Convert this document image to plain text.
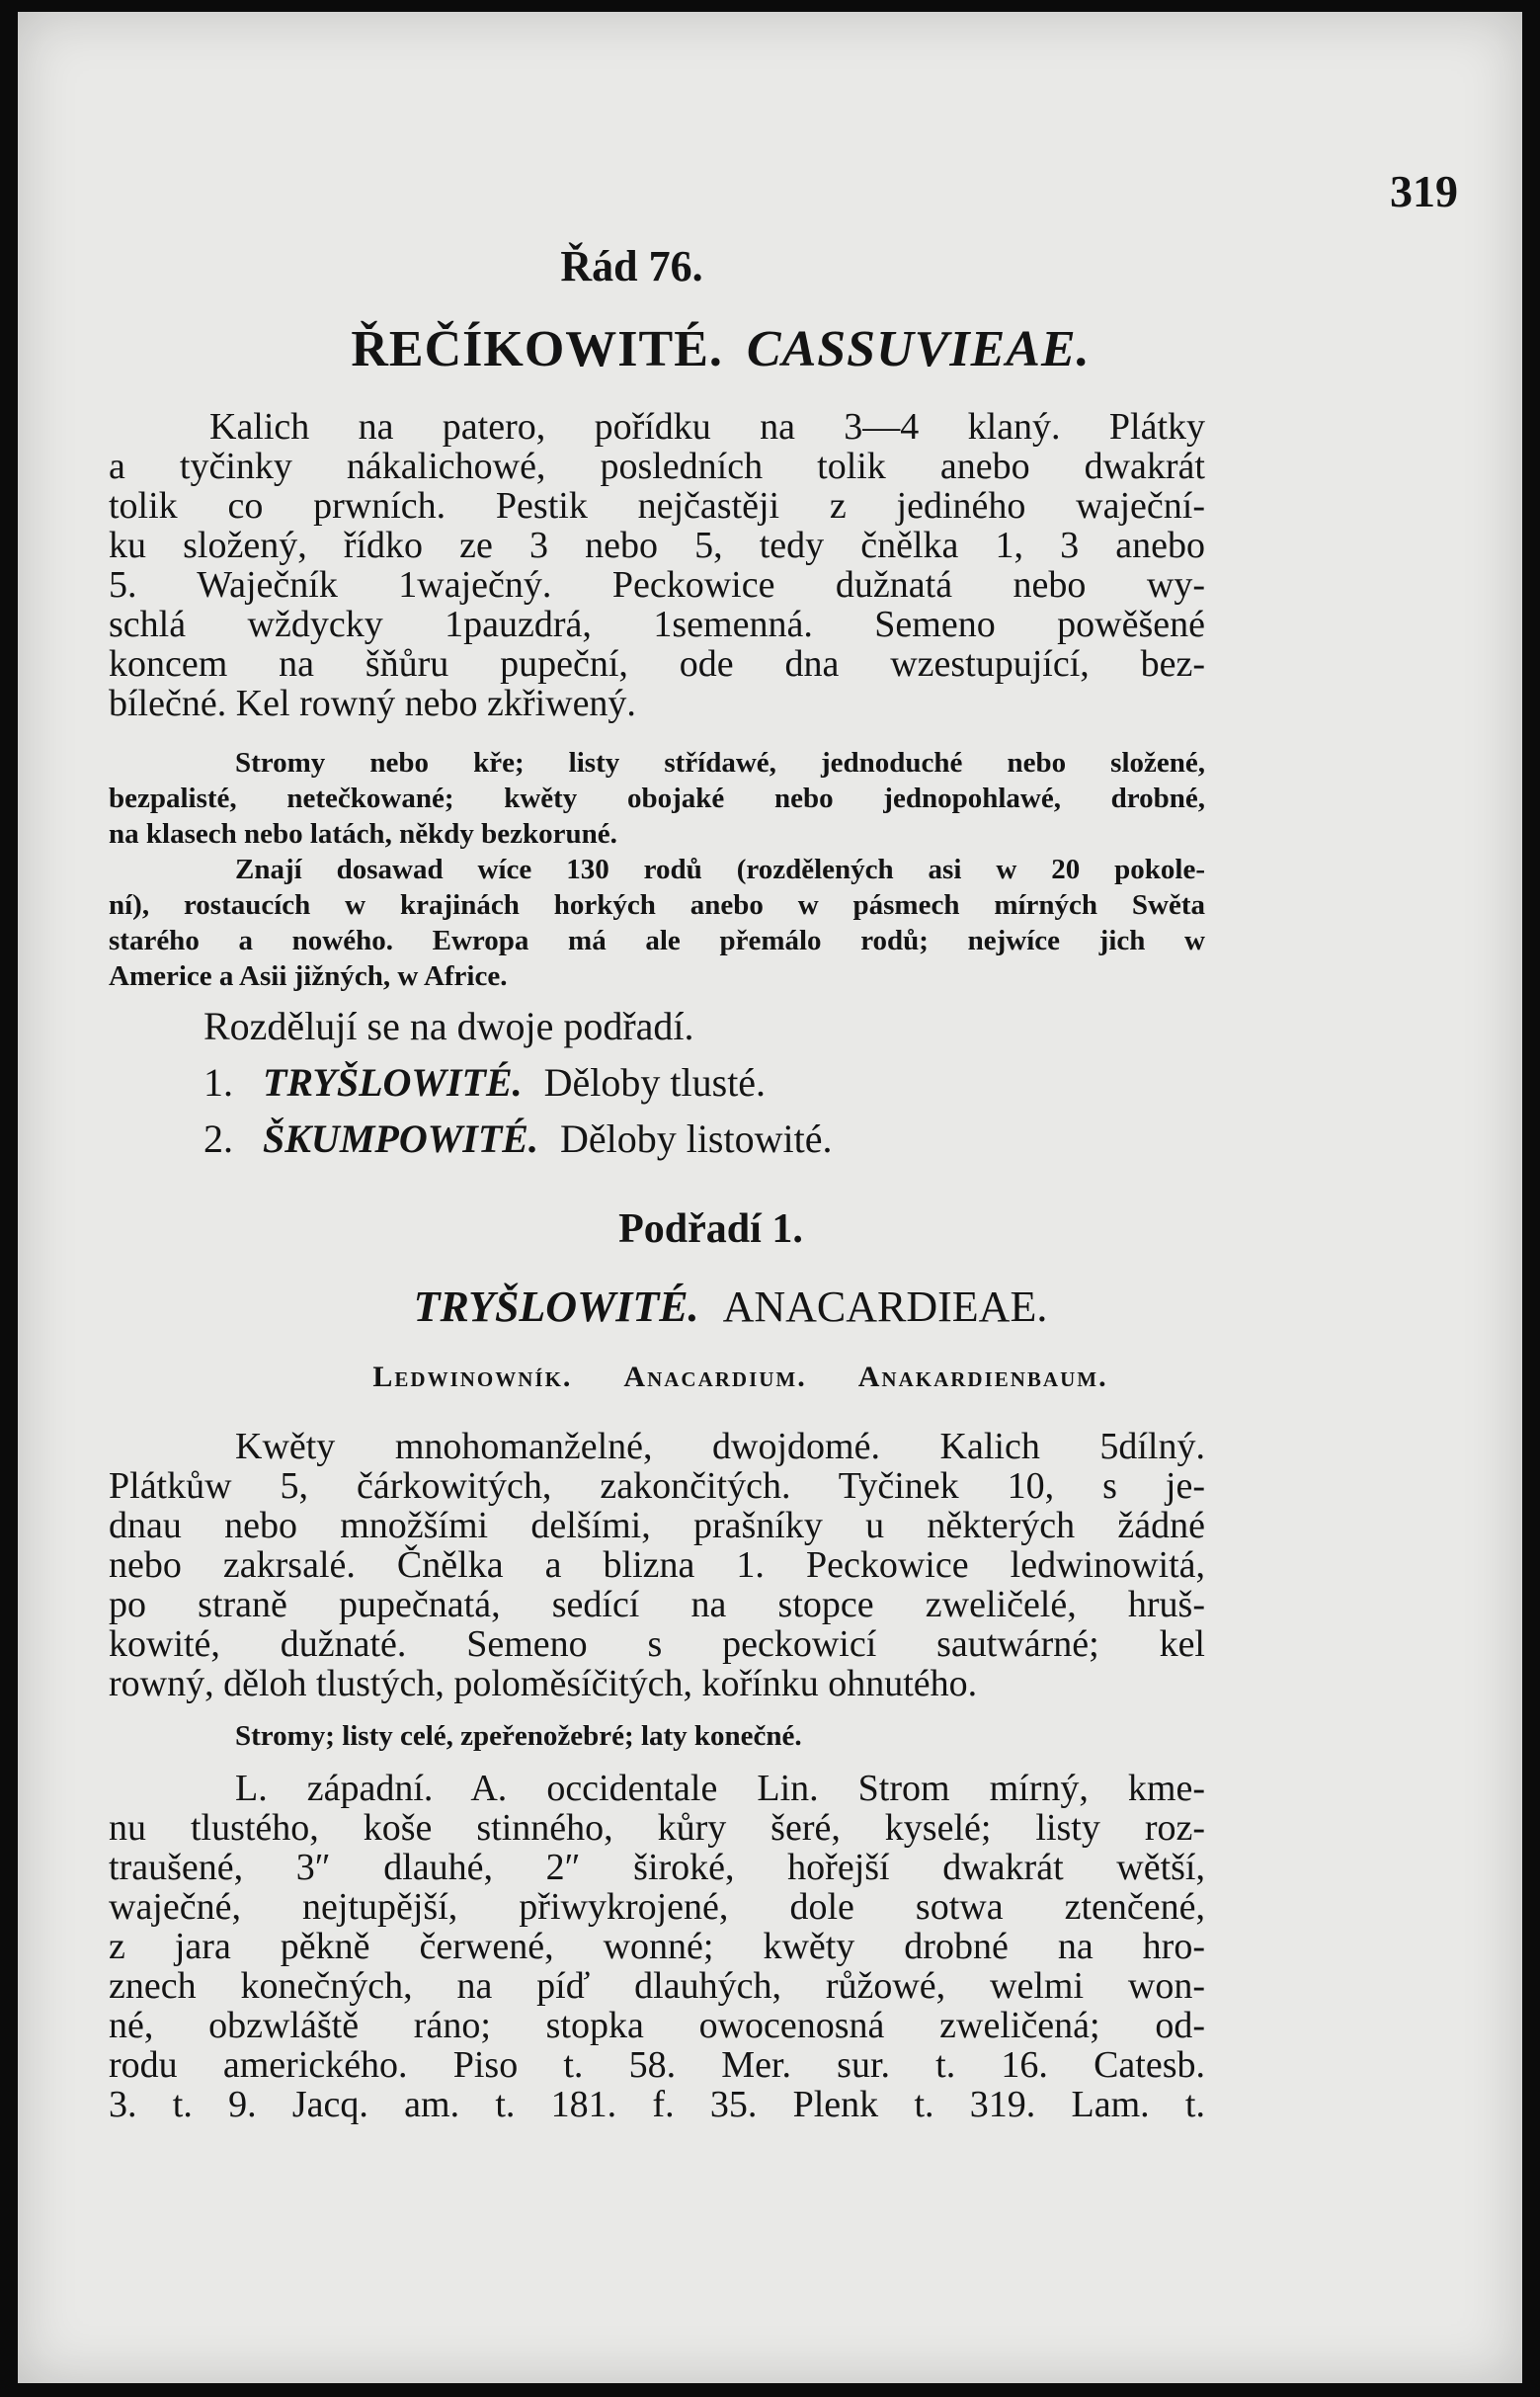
319
Řád 76.
ŘEČÍKOWITÉ. CASSUVIEAE.
Kalich na patero, pořídku na 3—4 klaný. Plátky
a tyčinky nákalichowé, posledních tolik anebo dwakrát
tolik co prwních. Pestik nejčastěji z jediného waječní-
ku složený, řídko ze 3 nebo 5, tedy čnělka 1, 3 anebo
5. Waječník 1waječný. Peckowice dužnatá nebo wy-
schlá wždycky 1pauzdrá, 1semenná. Semeno powěšené
koncem na šňůru pupeční, ode dna wzestupující, bez-
bílečné. Kel rowný nebo zkřiwený.
Stromy nebo kře; listy střídawé, jednoduché nebo složené,
bezpalisté, netečkowané; kwěty obojaké nebo jednopohlawé, drobné,
na klasech nebo latách, někdy bezkoruné.
Znají dosawad wíce 130 rodů (rozdělených asi w 20 pokole-
ní), rostaucích w krajinách horkých anebo w pásmech mírných Swěta
starého a nowého. Ewropa má ale přemálo rodů; nejwíce jich w
Americe a Asii jižných, w Africe.
Rozdělují se na dwoje podřadí.
1. TRYŠLOWITÉ. Děloby tlusté.
2. ŠKUMPOWITÉ. Děloby listowité.
Podřadí 1.
TRYŠLOWITÉ. ANACARDIEAE.
Ledwinowník. Anacardium. Anakardienbaum.
Kwěty mnohomanželné, dwojdomé. Kalich 5dílný.
Plátkůw 5, čárkowitých, zakončitých. Tyčinek 10, s je-
dnau nebo množšími delšími, prašníky u některých žádné
nebo zakrsalé. Čnělka a blizna 1. Peckowice ledwinowitá,
po straně pupečnatá, sedící na stopce zweličelé, hruš-
kowité, dužnaté. Semeno s peckowicí sautwárné; kel
rowný, děloh tlustých, poloměsíčitých, kořínku ohnutého.
Stromy; listy celé, zpeřenožebré; laty konečné.
L. západní. A. occidentale Lin. Strom mírný, kme-
nu tlustého, koše stinného, kůry šeré, kyselé; listy roz-
traušené, 3″ dlauhé, 2″ široké, hořejší dwakrát wětší,
waječné, nejtupější, přiwykrojené, dole sotwa ztenčené,
z jara pěkně čerwené, wonné; kwěty drobné na hro-
znech konečných, na píď dlauhých, růžowé, welmi won-
né, obzwláště ráno; stopka owocenosná zweličená; od-
rodu amerického. Piso t. 58. Mer. sur. t. 16. Catesb.
3. t. 9. Jacq. am. t. 181. f. 35. Plenk t. 319. Lam. t.
